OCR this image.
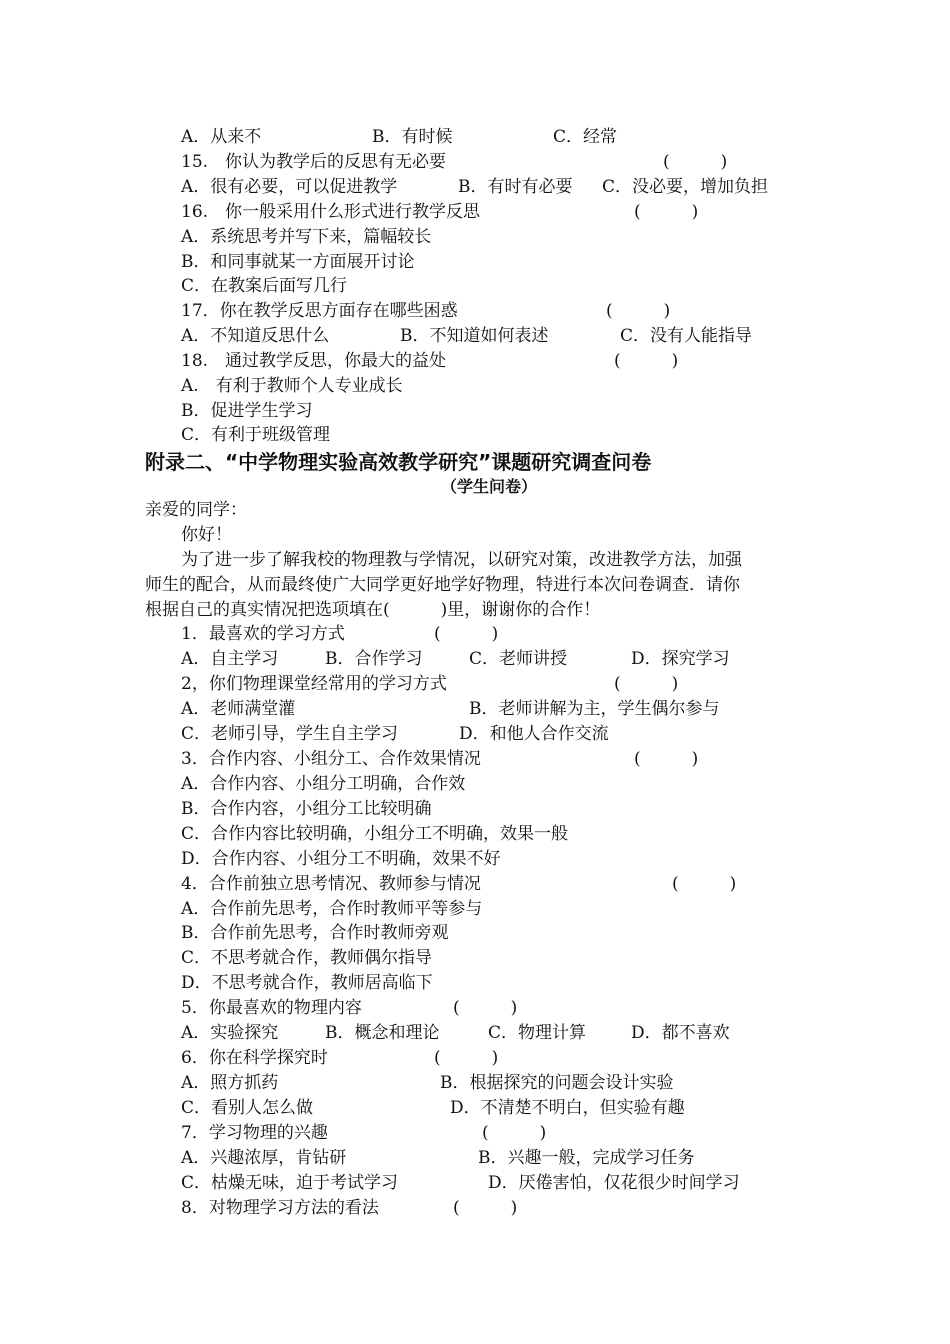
A．从来不	B．有时候	C．经常
15.　你认为教学后的反思有无必要	(　　　)
A．很有必要，可以促进教学	B．有时有必要 C．没必要，增加负担
16.　你一般采用什么形式进行教学反思	(　　　)
A．系统思考并写下来，篇幅较长
B．和同事就某一方面展开讨论
C．在教案后面写几行
17．你在教学反思方面存在哪些困惑	(　　　)
A．不知道反思什么	B．不知道如何表述	C．没有人能指导
18.　通过教学反思，你最大的益处	(　　　)
A.　有利于教师个人专业成长
B．促进学生学习
C．有利于班级管理
附录二、“中学物理实验高效教学研究”课题研究调查问卷
（学生问卷）
亲爱的同学：
你好！
为了进一步了解我校的物理教与学情况，以研究对策，改进教学方法，加强
师生的配合，从而最终使广大同学更好地学好物理，特进行本次问卷调查．请你
根据自己的真实情况把选项填在(　　　)里，谢谢你的合作！
1．最喜欢的学习方式	(　　　)
A．自主学习	B．合作学习	C．老师讲授	D．探究学习
2，你们物理课堂经常用的学习方式	(　　　)
A．老师满堂灌	B．老师讲解为主，学生偶尔参与
C．老师引导，学生自主学习	D．和他人合作交流
3．合作内容、小组分工、合作效果情况	(　　　)
A．合作内容、小组分工明确，合作效
B．合作内容，小组分工比较明确
C．合作内容比较明确，小组分工不明确，效果一般
D．合作内容、小组分工不明确，效果不好
4．合作前独立思考情况、教师参与情况	(　　　)
A．合作前先思考，合作时教师平等参与
B．合作前先思考，合作时教师旁观
C．不思考就合作，教师偶尔指导
D．不思考就合作，教师居高临下
5．你最喜欢的物理内容	(　　　)
A．实验探究	B．概念和理论	C．物理计算	D．都不喜欢
6．你在科学探究时	(　　　)
A．照方抓药	B．根据探究的问题会设计实验
C．看别人怎么做	D．不清楚不明白，但实验有趣
7．学习物理的兴趣	(　　　)
A．兴趣浓厚，肯钻研	B．兴趣一般，完成学习任务
C．枯燥无味，迫于考试学习	D．厌倦害怕，仅花很少时间学习
8．对物理学习方法的看法	(　　　)
